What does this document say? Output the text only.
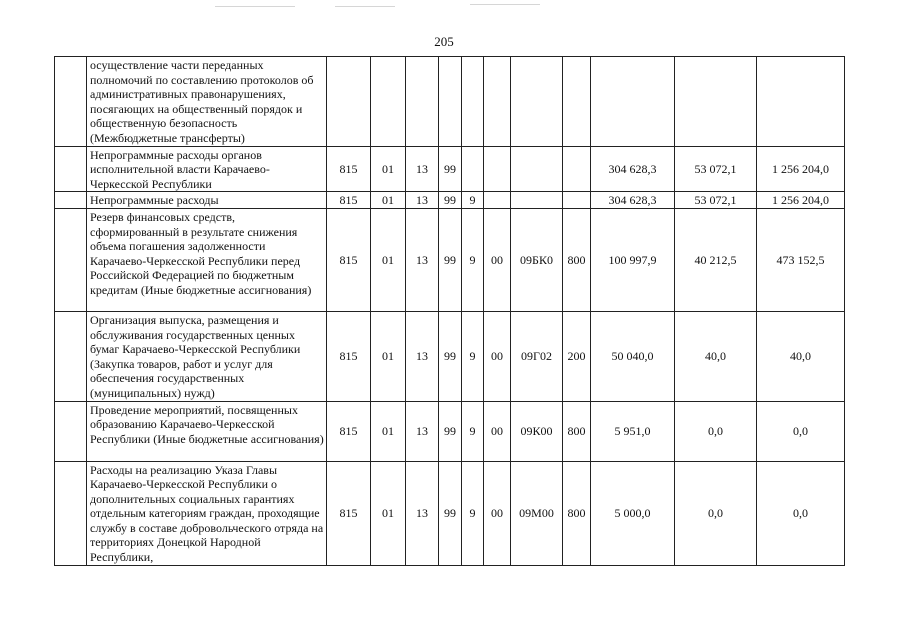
205
	осуществление части переданных полномочий по составлению протоколов об административных правонарушениях, посягающих на общественный порядок и общественную безопасность (Межбюджетные трансферты)											
	Непрограммные расходы органов исполнительной власти Карачаево-Черкесской Республики	815	01	13	99					304 628,3	53 072,1	1 256 204,0
	Непрограммные расходы	815	01	13	99	9				304 628,3	53 072,1	1 256 204,0
	Резерв финансовых средств, сформированный в результате снижения объема погашения задолженности Карачаево-Черкесской Республики перед Российской Федерацией по бюджетным кредитам (Иные бюджетные ассигнования)	815	01	13	99	9	00	09БК0	800	100 997,9	40 212,5	473 152,5
	Организация выпуска, размещения и обслуживания государственных ценных бумаг Карачаево-Черкесской Республики (Закупка товаров, работ и услуг для обеспечения государственных (муниципальных) нужд)	815	01	13	99	9	00	09Г02	200	50 040,0	40,0	40,0
	Проведение мероприятий, посвященных образованию Карачаево-Черкесской Республики (Иные бюджетные ассигнования)	815	01	13	99	9	00	09К00	800	5 951,0	0,0	0,0
	Расходы на реализацию Указа Главы Карачаево-Черкесской Республики о дополнительных социальных гарантиях отдельным категориям граждан, проходящие службу в составе добровольческого отряда на территориях Донецкой Народной Республики,	815	01	13	99	9	00	09М00	800	5 000,0	0,0	0,0
